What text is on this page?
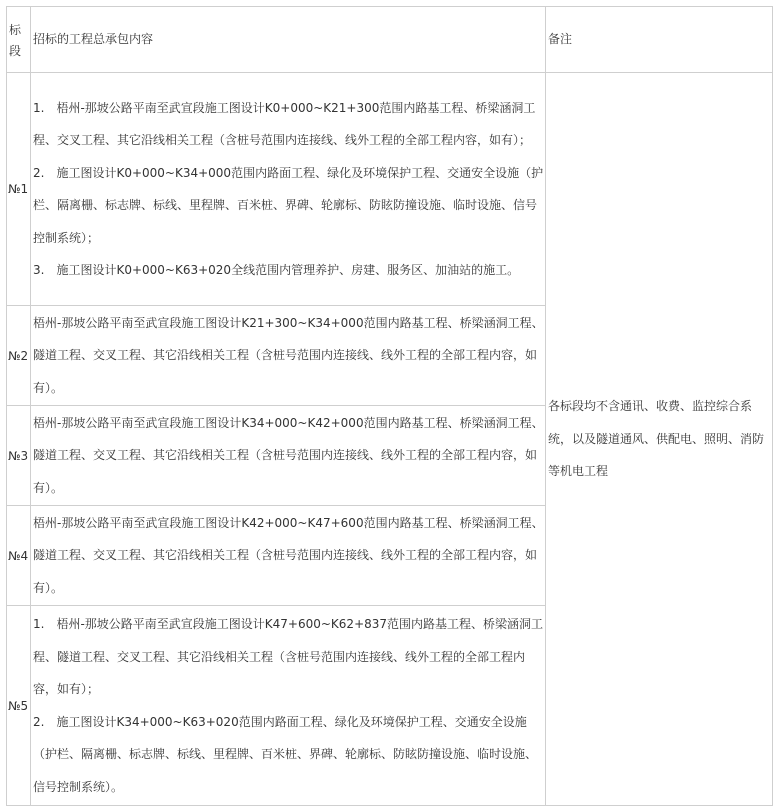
标段	招标的工程总承包内容	备注
№1	1.　梧州-那坡公路平南至武宣段施工图设计K0+000~K21+300范围内路基工程、桥梁涵洞工程、交叉工程、其它沿线相关工程（含桩号范围内连接线、线外工程的全部工程内容，如有）；

2.　施工图设计K0+000~K34+000范围内路面工程、绿化及环境保护工程、交通安全设施（护栏、隔离栅、标志牌、标线、里程牌、百米桩、界碑、轮廓标、防眩防撞设施、临时设施、信号控制系统）；

3.　施工图设计K0+000~K63+020全线范围内管理养护、房建、服务区、加油站的施工。	各标段均不含通讯、收费、监控综合系统，以及隧道通风、供配电、照明、消防等机电工程
№2	梧州-那坡公路平南至武宣段施工图设计K21+300~K34+000范围内路基工程、桥梁涵洞工程、隧道工程、交叉工程、其它沿线相关工程（含桩号范围内连接线、线外工程的全部工程内容，如有）。	

№3	梧州-那坡公路平南至武宣段施工图设计K34+000~K42+000范围内路基工程、桥梁涵洞工程、隧道工程、交叉工程、其它沿线相关工程（含桩号范围内连接线、线外工程的全部工程内容，如有）。	

№4	梧州-那坡公路平南至武宣段施工图设计K42+000~K47+600范围内路基工程、桥梁涵洞工程、隧道工程、交叉工程、其它沿线相关工程（含桩号范围内连接线、线外工程的全部工程内容，如有）。	

№5	1.　梧州-那坡公路平南至武宣段施工图设计K47+600~K62+837范围内路基工程、桥梁涵洞工程、隧道工程、交叉工程、其它沿线相关工程（含桩号范围内连接线、线外工程的全部工程内容，如有）；

2.　施工图设计K34+000~K63+020范围内路面工程、绿化及环境保护工程、交通安全设施（护栏、隔离栅、标志牌、标线、里程牌、百米桩、界碑、轮廓标、防眩防撞设施、临时设施、信号控制系统）。	
